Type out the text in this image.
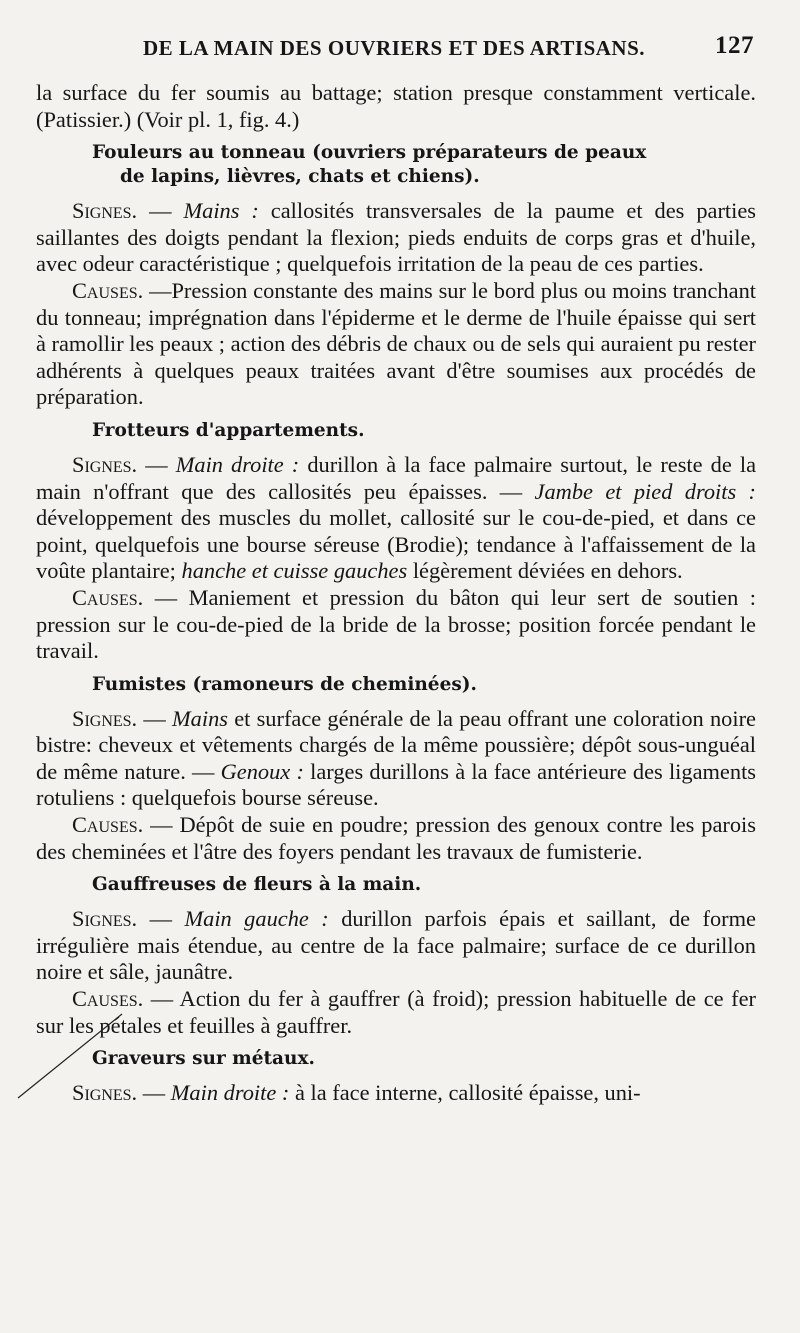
DE LA MAIN DES OUVRIERS ET DES ARTISANS.	127

la surface du fer soumis au battage; station presque constamment verticale. (Patissier.) (Voir pl. 1, fig. 4.)

Fouleurs au tonneau (ouvriers préparateurs de peaux
de lapins, lièvres, chats et chiens).

Signes. — Mains : callosités transversales de la paume et des parties saillantes des doigts pendant la flexion; pieds enduits de corps gras et d'huile, avec odeur caractéristique ; quelquefois irritation de la peau de ces parties.

Causes. —Pression constante des mains sur le bord plus ou moins tranchant du tonneau; imprégnation dans l'épiderme et le derme de l'huile épaisse qui sert à ramollir les peaux ; action des débris de chaux ou de sels qui auraient pu rester adhérents à quelques peaux traitées avant d'être soumises aux procédés de préparation.

Frotteurs d'appartements.

Signes. — Main droite : durillon à la face palmaire surtout, le reste de la main n'offrant que des callosités peu épaisses. — Jambe et pied droits : développement des muscles du mollet, callosité sur le cou-de-pied, et dans ce point, quelquefois une bourse séreuse (Brodie); tendance à l'affaissement de la voûte plantaire; hanche et cuisse gauches légèrement déviées en dehors.

Causes. — Maniement et pression du bâton qui leur sert de soutien : pression sur le cou-de-pied de la bride de la brosse; position forcée pendant le travail.

Fumistes (ramoneurs de cheminées).

Signes. — Mains et surface générale de la peau offrant une coloration noire bistre: cheveux et vêtements chargés de la même poussière; dépôt sous-unguéal de même nature. — Genoux : larges durillons à la face antérieure des ligaments rotuliens : quelquefois bourse séreuse.

Causes. — Dépôt de suie en poudre; pression des genoux contre les parois des cheminées et l'âtre des foyers pendant les travaux de fumisterie.

Gauffreuses de fleurs à la main.

Signes. — Main gauche : durillon parfois épais et saillant, de forme irrégulière mais étendue, au centre de la face palmaire; surface de ce durillon noire et sâle, jaunâtre.

Causes. — Action du fer à gauffrer (à froid); pression habituelle de ce fer sur les pétales et feuilles à gauffrer.

Graveurs sur métaux.

Signes. — Main droite : à la face interne, callosité épaisse, uni-
